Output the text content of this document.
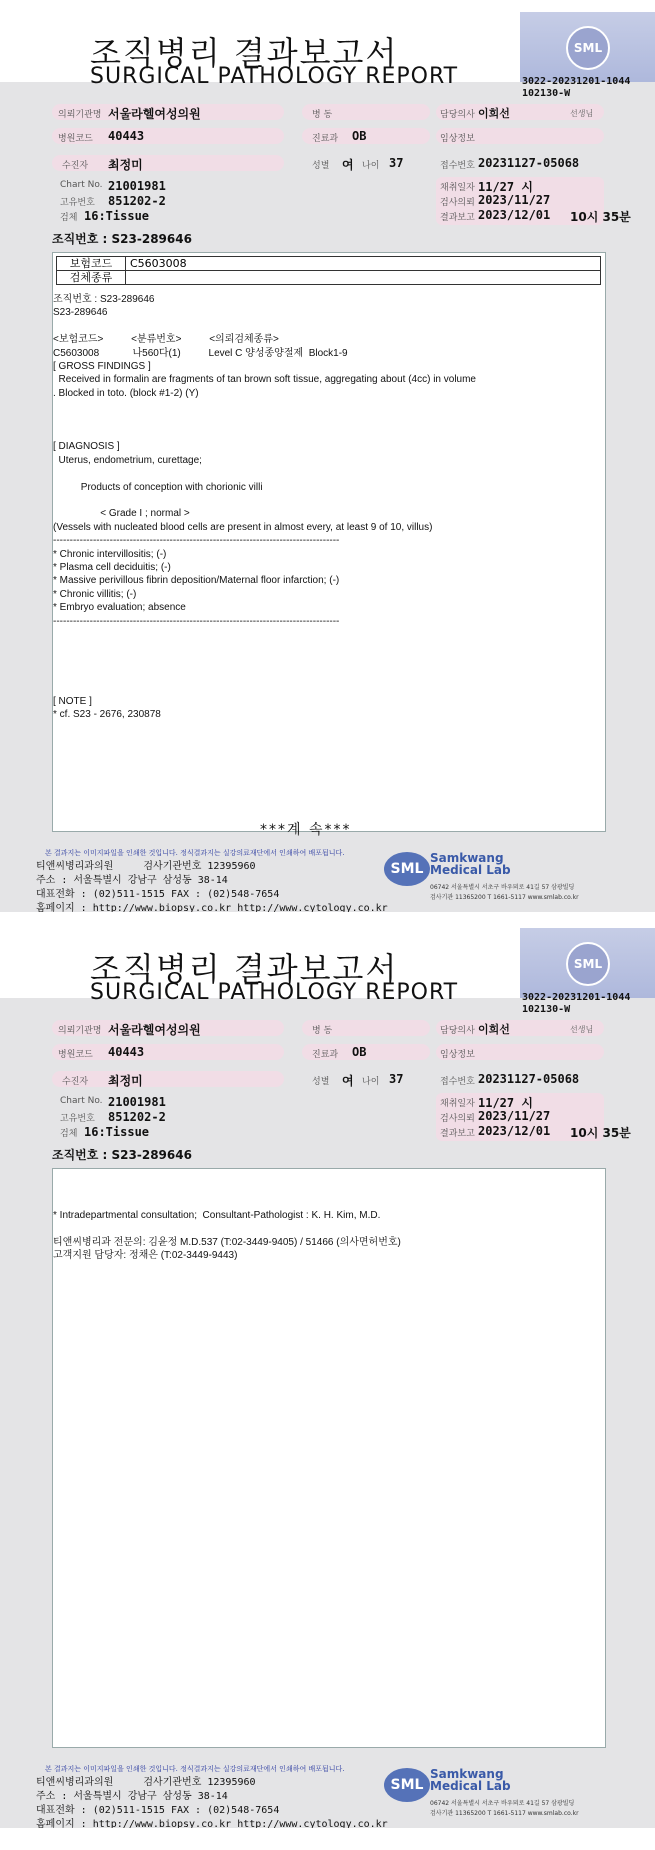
SML
조직병리 결과보고서
SURGICAL PATHOLOGY REPORT	3022-20231201-1044
102130-W
의뢰기관명 서울라헬여성의원
병원코드 40443
수진자 최정미
Chart No. 21001981
고유번호 851202-2
검체 16:Tissue
병 동
진료과 OB
성별 여 나이 37
담당의사 이희선	선생님
임상정보
접수번호 20231127-05068
채취일자 11/27 시
검사의뢰 2023/11/27
결과보고 2023/12/01 10시 35분
조직번호 : S23-289646
보험코드	C5603008
검체종류	
조직번호 : S23-289646
S23-289646
<보험코드>          <분류번호>          <의뢰검체종류>
C5603008            나560다(1)          Level C 양성종양절제  Block1-9
[ GROSS FINDINGS ]
Received in formalin are fragments of tan brown soft tissue, aggregating about (4cc) in volume
. Blocked in toto. (block #1-2) (Y)
[ DIAGNOSIS ]
Uterus, endometrium, curettage;
Products of conception with chorionic villi
< Grade I ; normal >
(Vessels with nucleated blood cells are present in almost every, at least 9 of 10, villus)
--------------------------------------------------------------------------------------
* Chronic intervillositis; (-)
* Plasma cell deciduitis; (-)
* Massive perivillous fibrin deposition/Maternal floor infarction; (-)
* Chronic villitis; (-)
* Embryo evaluation; absence
--------------------------------------------------------------------------------------
[ NOTE ]
* cf. S23 - 2676, 230878
***계 속***
본 결과지는 이미지파일을 인쇄한 것입니다. 정식결과지는 실강의료재단에서 인쇄하여 배포됩니다.
티앤씨병리과의원	검사기관번호 12395960
주소 : 서울특별시 강남구 삼성동 38-14
대표전화 : (02)511-1515 FAX : (02)548-7654
홈페이지 : http://www.biopsy.co.kr http://www.cytology.co.kr
SML
Samkwang
Medical Lab
06742 서울특별시 서초구 바우뫼로 41길 57 삼광빌딩
검사기관 11365200 T 1661-5117 www.smlab.co.kr
SML
조직병리 결과보고서
SURGICAL PATHOLOGY REPORT	3022-20231201-1044
102130-W
의뢰기관명 서울라헬여성의원
병원코드 40443
수진자 최정미
Chart No. 21001981
고유번호 851202-2
검체 16:Tissue
병 동
진료과 OB
성별 여 나이 37
담당의사 이희선	선생님
임상정보
접수번호 20231127-05068
채취일자 11/27 시
검사의뢰 2023/11/27
결과보고 2023/12/01 10시 35분
조직번호 : S23-289646
* Intradepartmental consultation;  Consultant-Pathologist : K. H. Kim, M.D.
티앤씨병리과 전문의: 김윤정 M.D.537 (T:02-3449-9405) / 51466 (의사면허번호)
고객지원 담당자: 정채은 (T:02-3449-9443)
본 결과지는 이미지파일을 인쇄한 것입니다. 정식결과지는 실강의료재단에서 인쇄하여 배포됩니다.
티앤씨병리과의원	검사기관번호 12395960
주소 : 서울특별시 강남구 삼성동 38-14
대표전화 : (02)511-1515 FAX : (02)548-7654
홈페이지 : http://www.biopsy.co.kr http://www.cytology.co.kr
SML
Samkwang
Medical Lab
06742 서울특별시 서초구 바우뫼로 41길 57 삼광빌딩
검사기관 11365200 T 1661-5117 www.smlab.co.kr
